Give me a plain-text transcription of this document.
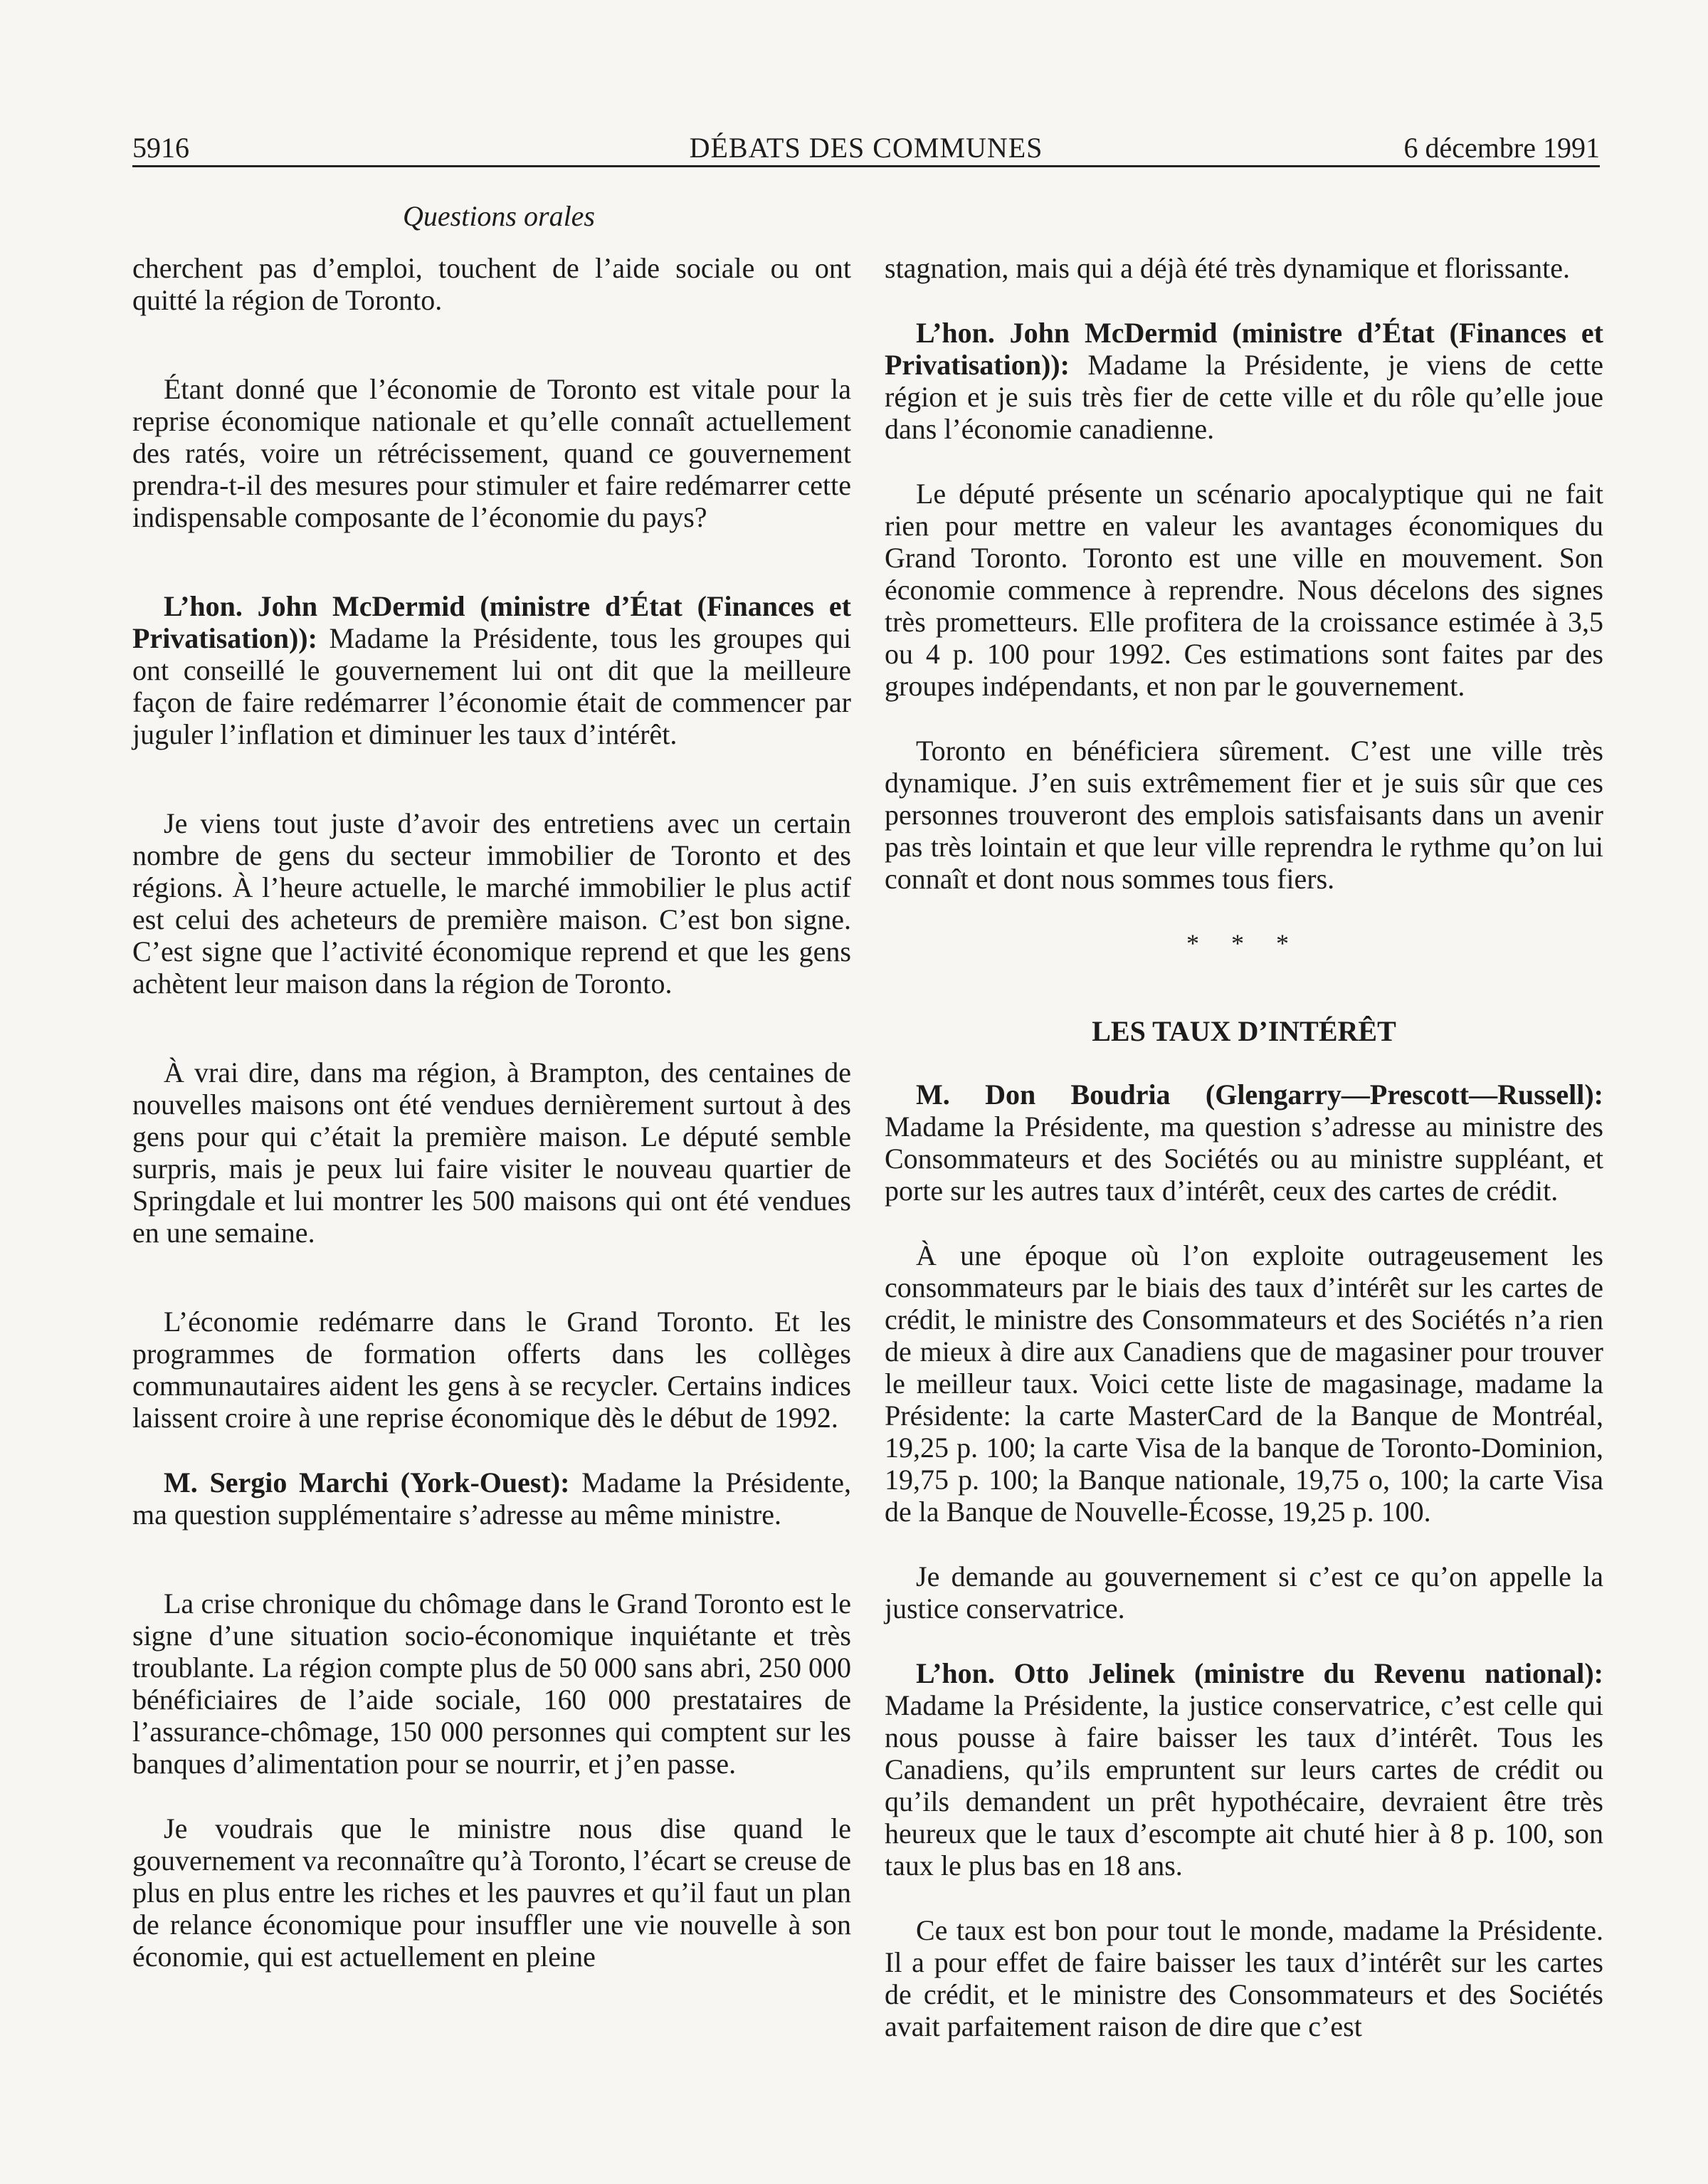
5916	DÉBATS DES COMMUNES	6 décembre 1991
Questions orales

cherchent pas d’emploi, touchent de l’aide sociale ou ont quitté la région de Toronto.

Étant donné que l’économie de Toronto est vitale pour la reprise économique nationale et qu’elle connaît actuellement des ratés, voire un rétrécissement, quand ce gouvernement prendra-t-il des mesures pour stimuler et faire redémarrer cette indispensable composante de l’économie du pays?

L’hon. John McDermid (ministre d’État (Finances et Privatisation)): Madame la Présidente, tous les groupes qui ont conseillé le gouvernement lui ont dit que la meilleure façon de faire redémarrer l’économie était de commencer par juguler l’inflation et diminuer les taux d’intérêt.

Je viens tout juste d’avoir des entretiens avec un certain nombre de gens du secteur immobilier de Toronto et des régions. À l’heure actuelle, le marché immobilier le plus actif est celui des acheteurs de première maison. C’est bon signe. C’est signe que l’activité économique reprend et que les gens achètent leur maison dans la région de Toronto.

À vrai dire, dans ma région, à Brampton, des centaines de nouvelles maisons ont été vendues dernièrement surtout à des gens pour qui c’était la première maison. Le député semble surpris, mais je peux lui faire visiter le nouveau quartier de Springdale et lui montrer les 500 maisons qui ont été vendues en une semaine.

L’économie redémarre dans le Grand Toronto. Et les programmes de formation offerts dans les collèges communautaires aident les gens à se recycler. Certains indices laissent croire à une reprise économique dès le début de 1992.

M. Sergio Marchi (York-Ouest): Madame la Présidente, ma question supplémentaire s’adresse au même ministre.

La crise chronique du chômage dans le Grand Toronto est le signe d’une situation socio-économique inquiétante et très troublante. La région compte plus de 50 000 sans abri, 250 000 bénéficiaires de l’aide sociale, 160 000 prestataires de l’assurance-chômage, 150 000 personnes qui comptent sur les banques d’alimentation pour se nourrir, et j’en passe.

Je voudrais que le ministre nous dise quand le gouvernement va reconnaître qu’à Toronto, l’écart se creuse de plus en plus entre les riches et les pauvres et qu’il faut un plan de relance économique pour insuffler une vie nouvelle à son économie, qui est actuellement en pleine

stagnation, mais qui a déjà été très dynamique et florissante.

L’hon. John McDermid (ministre d’État (Finances et Privatisation)): Madame la Présidente, je viens de cette région et je suis très fier de cette ville et du rôle qu’elle joue dans l’économie canadienne.

Le député présente un scénario apocalyptique qui ne fait rien pour mettre en valeur les avantages économiques du Grand Toronto. Toronto est une ville en mouvement. Son économie commence à reprendre. Nous décelons des signes très prometteurs. Elle profitera de la croissance estimée à 3,5 ou 4 p. 100 pour 1992. Ces estimations sont faites par des groupes indépendants, et non par le gouvernement.

Toronto en bénéficiera sûrement. C’est une ville très dynamique. J’en suis extrêmement fier et je suis sûr que ces personnes trouveront des emplois satisfaisants dans un avenir pas très lointain et que leur ville reprendra le rythme qu’on lui connaît et dont nous sommes tous fiers.

* * *
LES TAUX D’INTÉRÊT

M. Don Boudria (Glengarry—Prescott—Russell): Madame la Présidente, ma question s’adresse au ministre des Consommateurs et des Sociétés ou au ministre suppléant, et porte sur les autres taux d’intérêt, ceux des cartes de crédit.

À une époque où l’on exploite outrageusement les consommateurs par le biais des taux d’intérêt sur les cartes de crédit, le ministre des Consommateurs et des Sociétés n’a rien de mieux à dire aux Canadiens que de magasiner pour trouver le meilleur taux. Voici cette liste de magasinage, madame la Présidente: la carte MasterCard de la Banque de Montréal, 19,25 p. 100; la carte Visa de la banque de Toronto-Dominion, 19,75 p. 100; la Banque nationale, 19,75 o, 100; la carte Visa de la Banque de Nouvelle-Écosse, 19,25 p. 100.

Je demande au gouvernement si c’est ce qu’on appelle la justice conservatrice.

L’hon. Otto Jelinek (ministre du Revenu national): Madame la Présidente, la justice conservatrice, c’est celle qui nous pousse à faire baisser les taux d’intérêt. Tous les Canadiens, qu’ils empruntent sur leurs cartes de crédit ou qu’ils demandent un prêt hypothécaire, devraient être très heureux que le taux d’escompte ait chuté hier à 8 p. 100, son taux le plus bas en 18 ans.

Ce taux est bon pour tout le monde, madame la Présidente. Il a pour effet de faire baisser les taux d’intérêt sur les cartes de crédit, et le ministre des Consommateurs et des Sociétés avait parfaitement raison de dire que c’est
